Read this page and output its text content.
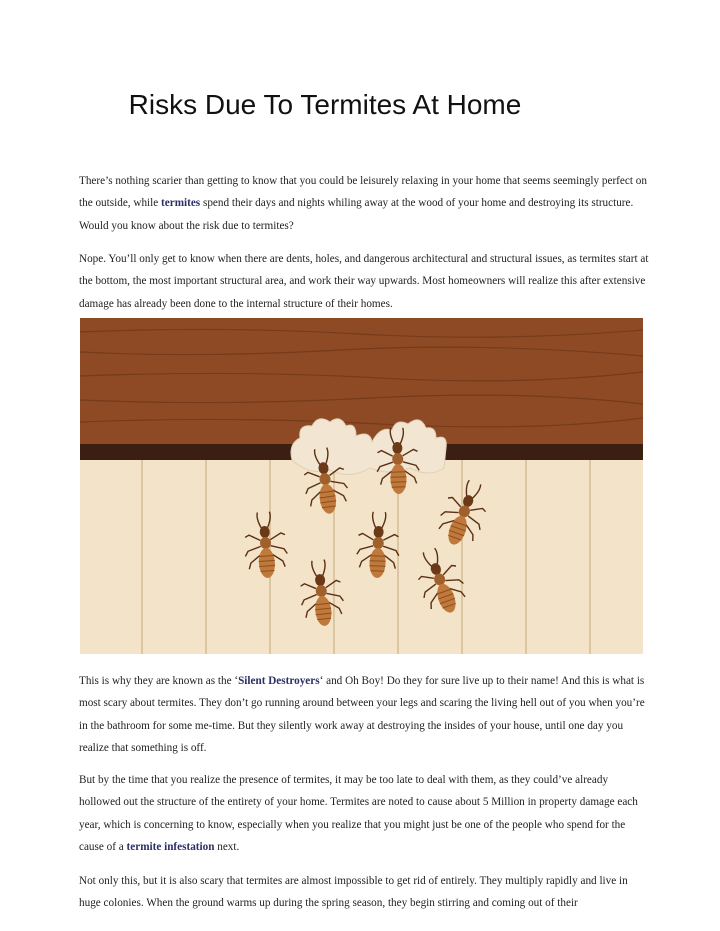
Risks Due To Termites At Home

There’s nothing scarier than getting to know that you could be leisurely relaxing in your home that seems seemingly perfect on the outside, while termites spend their days and nights whiling away at the wood of your home and destroying its structure. Would you know about the risk due to termites?

Nope. You’ll only get to know when there are dents, holes, and dangerous architectural and structural issues, as termites start at the bottom, the most important structural area, and work their way upwards. Most homeowners will realize this after extensive damage has already been done to the internal structure of their homes.

This is why they are known as the ‘Silent Destroyers‘ and Oh Boy! Do they for sure live up to their name! And this is what is most scary about termites. They don’t go running around between your legs and scaring the living hell out of you when you’re in the bathroom for some me-time. But they silently work away at destroying the insides of your house, until one day you realize that something is off.

But by the time that you realize the presence of termites, it may be too late to deal with them, as they could’ve already hollowed out the structure of the entirety of your home. Termites are noted to cause about 5 Million in property damage each year, which is concerning to know, especially when you realize that you might just be one of the people who spend for the cause of a termite infestation next.

Not only this, but it is also scary that termites are almost impossible to get rid of entirely. They multiply rapidly and live in huge colonies. When the ground warms up during the spring season, they begin stirring and coming out of their
